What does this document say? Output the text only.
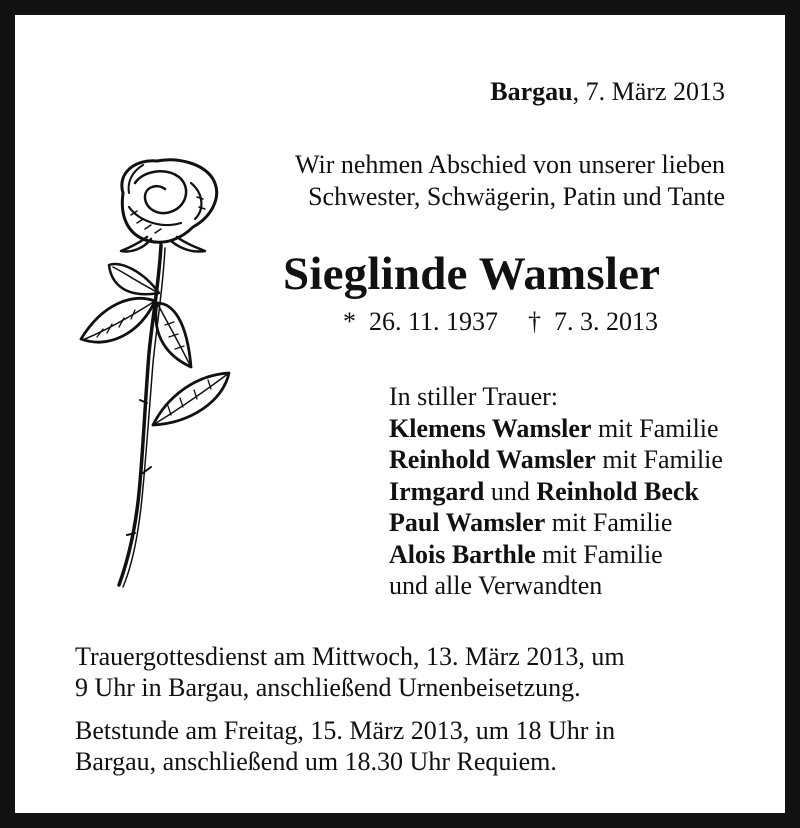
Bargau, 7. März 2013
Wir nehmen Abschied von unserer lieben
Schwester, Schwägerin, Patin und Tante
Sieglinde Wamsler
* 26. 11. 1937 † 7. 3. 2013
In stiller Trauer:
Klemens Wamsler mit Familie
Reinhold Wamsler mit Familie
Irmgard und Reinhold Beck
Paul Wamsler mit Familie
Alois Barthle mit Familie
und alle Verwandten

Trauergottesdienst am Mittwoch, 13. März 2013, um
9 Uhr in Bargau, anschließend Urnenbeisetzung.

Betstunde am Freitag, 15. März 2013, um 18 Uhr in
Bargau, anschließend um 18.30 Uhr Requiem.
